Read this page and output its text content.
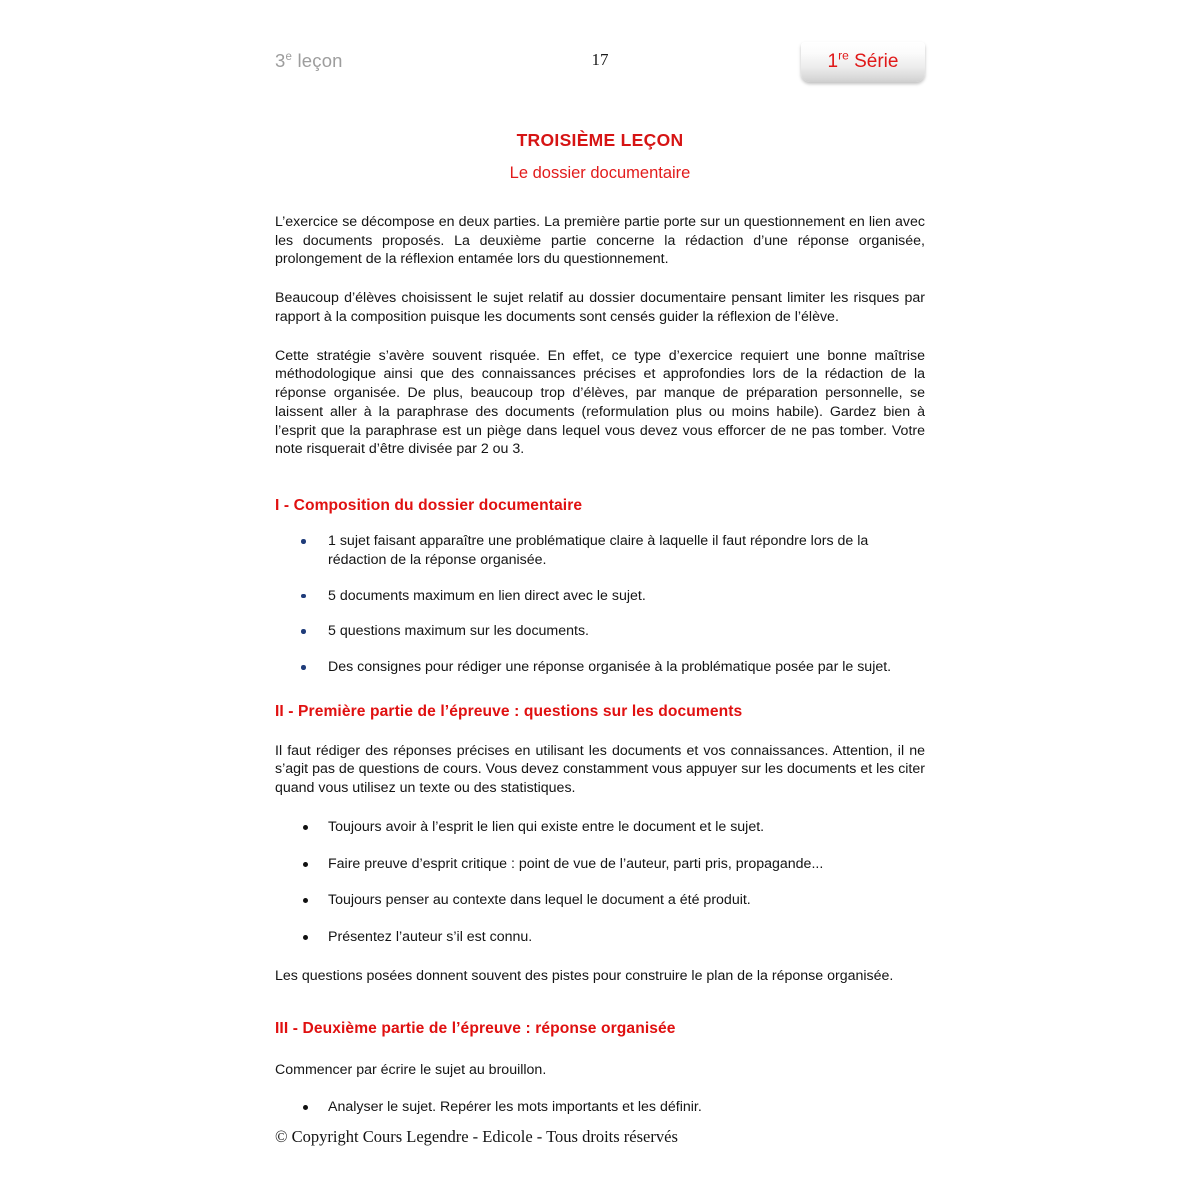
3e leçon	17	1re Série
TROISIÈME LEÇON
Le dossier documentaire

L’exercice se décompose en deux parties. La première partie porte sur un questionnement en lien avec les documents proposés. La deuxième partie concerne la rédaction d’une réponse organisée, prolongement de la réflexion entamée lors du questionnement.

Beaucoup d’élèves choisissent le sujet relatif au dossier documentaire pensant limiter les risques par rapport à la composition puisque les documents sont censés guider la réflexion de l’élève.

Cette stratégie s’avère souvent risquée. En effet, ce type d’exercice requiert une bonne maîtrise méthodologique ainsi que des connaissances précises et approfondies lors de la rédaction de la réponse organisée. De plus, beaucoup trop d’élèves, par manque de préparation personnelle, se laissent aller à la paraphrase des documents (reformulation plus ou moins habile). Gardez bien à l’esprit que la paraphrase est un piège dans lequel vous devez vous efforcer de ne pas tomber. Votre note risquerait d’être divisée par 2 ou 3.

I - Composition du dossier documentaire
1 sujet faisant apparaître une problématique claire à laquelle il faut répondre lors de la rédaction de la réponse organisée.
5 documents maximum en lien direct avec le sujet.
5 questions maximum sur les documents.
Des consignes pour rédiger une réponse organisée à la problématique posée par le sujet.
II - Première partie de l’épreuve : questions sur les documents

Il faut rédiger des réponses précises en utilisant les documents et vos connaissances. Attention, il ne s’agit pas de questions de cours. Vous devez constamment vous appuyer sur les documents et les citer quand vous utilisez un texte ou des statistiques.

Toujours avoir à l’esprit le lien qui existe entre le document et le sujet.
Faire preuve d’esprit critique : point de vue de l’auteur, parti pris, propagande...
Toujours penser au contexte dans lequel le document a été produit.
Présentez l’auteur s’il est connu.

Les questions posées donnent souvent des pistes pour construire le plan de la réponse organisée.

III - Deuxième partie de l’épreuve : réponse organisée

Commencer par écrire le sujet au brouillon.

Analyser le sujet. Repérer les mots importants et les définir.
© Copyright Cours Legendre - Edicole - Tous droits réservés
